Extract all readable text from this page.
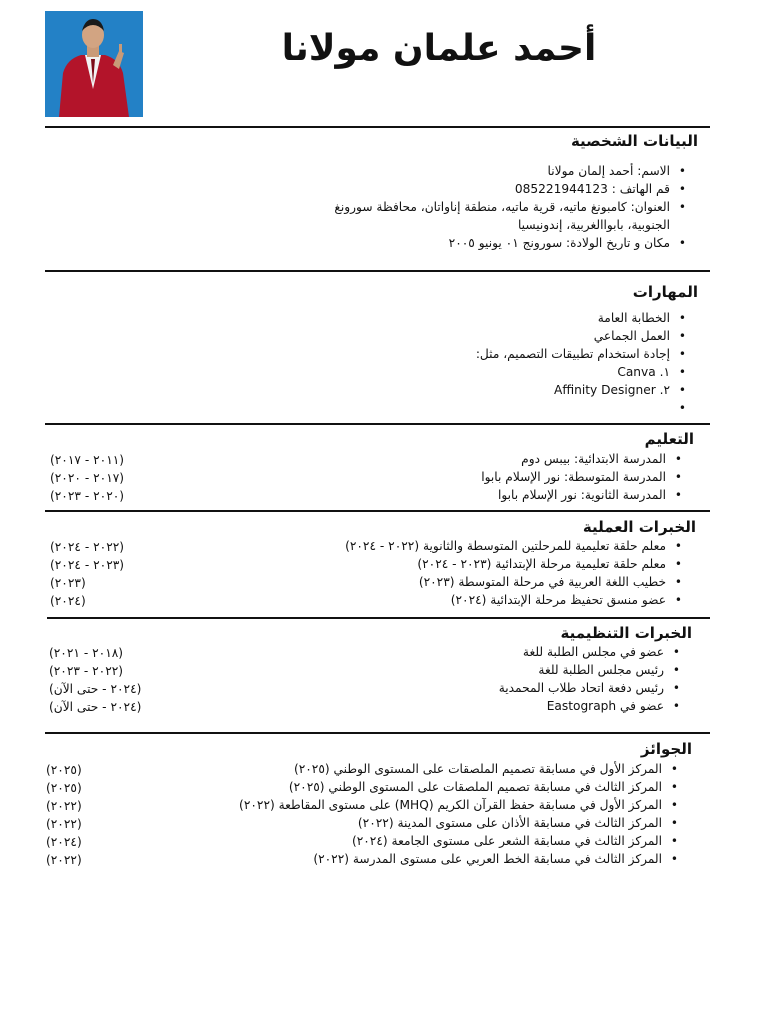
أحمد علمان مولانا
البيانات الشخصية
• الاسم: أحمد إلمان مولانا
• قم الهاتف : 085221944123
• العنوان: كامبونغ ماتيه، قرية ماتيه، منطقة إناواتان، محافظة سورونغ الجنوبية، بابواالغربية، إندونيسيا
• مكان و تاريخ الولادة: سورونج ٠١ يونيو ٢٠٠٥
المهارات
• الخطابة العامة
• العمل الجماعي
• إجادة استخدام تطبيقات التصميم، مثل:
• ١. Canva
• ٢. Affinity Designer
التعليم
• المدرسة الابتدائية: بيبس دوم
• المدرسة المتوسطة: نور الإسلام بابوا
• المدرسة الثانوية: نور الإسلام بابوا
(٢٠١١ - ٢٠١٧)
(٢٠١٧ - ٢٠٢٠)
(٢٠٢٠ - ٢٠٢٣)
الخبرات العملية
• معلم حلقة تعليمية للمرحلتين المتوسطة والثانوية (٢٠٢٢ - ٢٠٢٤)
• معلم حلقة تعليمية مرحلة الإبتدائية (٢٠٢٣ - ٢٠٢٤)
• خطيب اللغة العربية في مرحلة المتوسطة (٢٠٢٣)
• عضو منسق تحفيظ مرحلة الإبتدائية (٢٠٢٤)
(٢٠٢٢ - ٢٠٢٤)
(٢٠٢٣ - ٢٠٢٤)
(٢٠٢٣)
(٢٠٢٤)
الخبرات التنظيمية
• عضو في مجلس الطلبة للغة
• رئيس مجلس الطلبة للغة
• رئيس دفعة اتحاد طلاب المحمدية
• عضو في Eastograph
(٢٠١٨ - ٢٠٢١)
(٢٠٢٢ - ٢٠٢٣)
(٢٠٢٤ - حتى الآن)
(٢٠٢٤ - حتى الآن)
الجوائز
• المركز الأول في مسابقة تصميم الملصقات على المستوى الوطني (٢٠٢٥)
• المركز الثالث في مسابقة تصميم الملصقات على المستوى الوطني (٢٠٢٥)
• المركز الأول في مسابقة حفظ القرآن الكريم (MHQ) على مستوى المقاطعة (٢٠٢٢)
• المركز الثالث في مسابقة الأذان على مستوى المدينة (٢٠٢٢)
• المركز الثالث في مسابقة الشعر على مستوى الجامعة (٢٠٢٤)
• المركز الثالث في مسابقة الخط العربي على مستوى المدرسة (٢٠٢٢)
(٢٠٢٥)
(٢٠٢٥)
(٢٠٢٢)
(٢٠٢٢)
(٢٠٢٤)
(٢٠٢٢)
